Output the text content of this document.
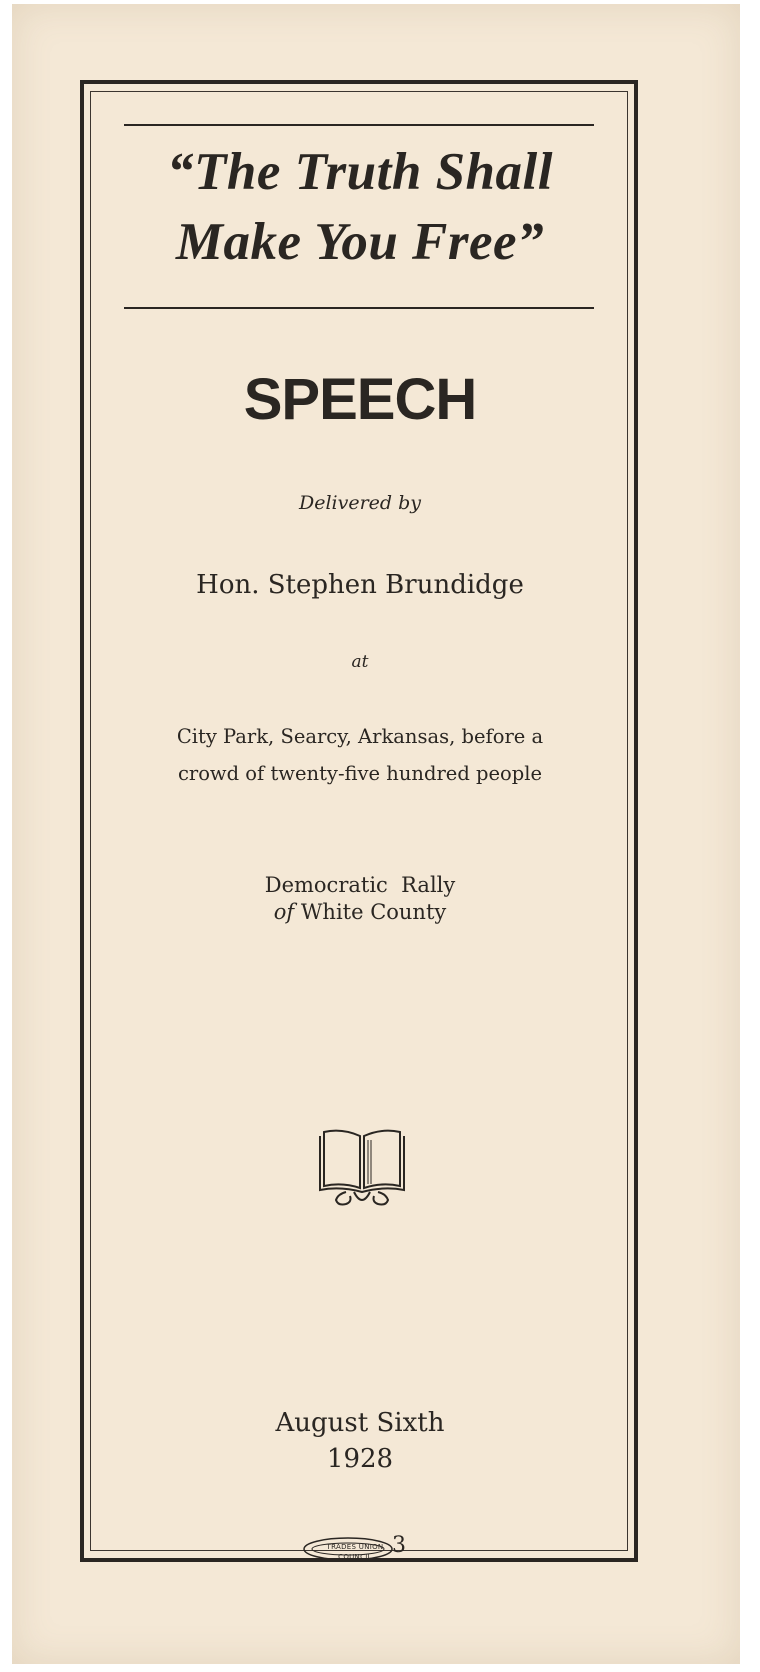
“The Truth Shall
Make You Free”
SPEECH
Delivered by
Hon. Stephen Brundidge
at
City Park, Searcy, Arkansas, before a
crowd of twenty-five hundred people
Democratic  Rally
of White County
August Sixth
1928
TRADES UNION COUNCIL 3
